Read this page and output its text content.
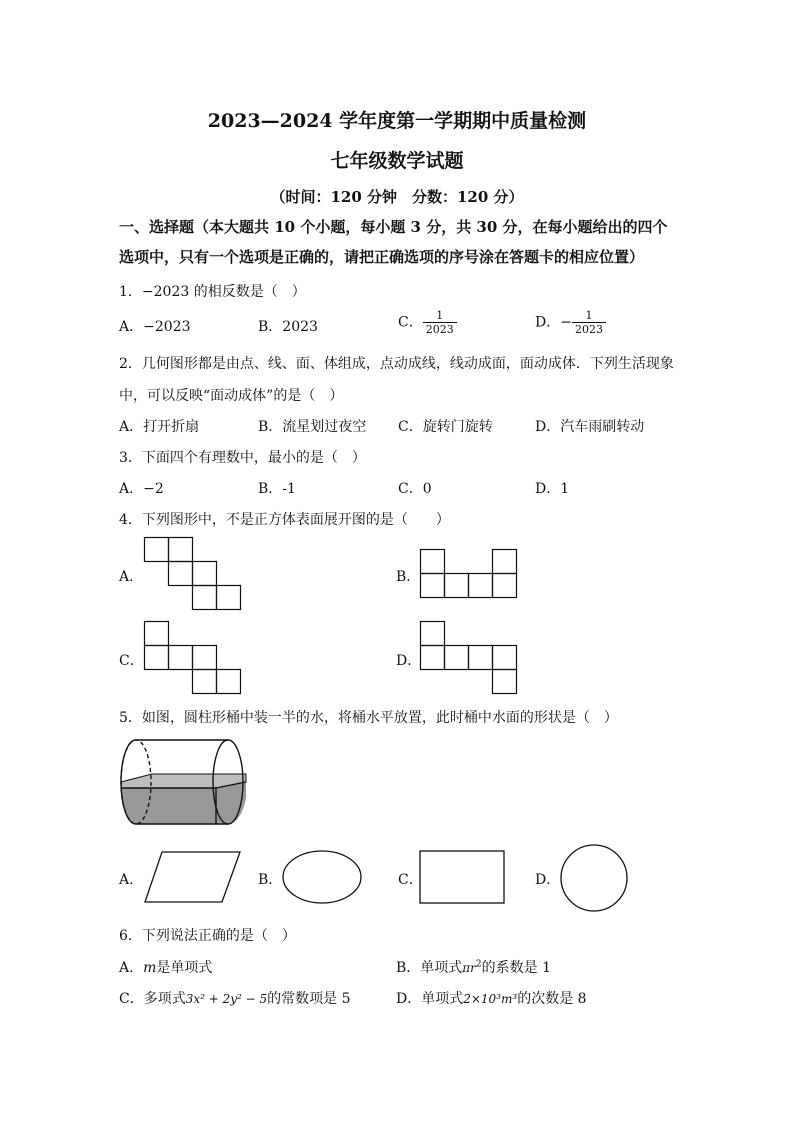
2023—2024 学年度第一学期期中质量检测
七年级数学试题
（时间：120 分钟　分数：120 分）
一、选择题（本大题共 10 个小题，每小题 3 分，共 30 分，在每小题给出的四个
选项中，只有一个选项是正确的，请把正确选项的序号涂在答题卡的相应位置）
1．−2023 的相反数是（　）
A．−2023	B．2023	C． $\frac{1}{2023}$	D．− $\frac{1}{2023}$
2．几何图形都是由点、线、面、体组成，点动成线，线动成面，面动成体．下列生活现象
中，可以反映“面动成体”的是（　）
A．打开折扇	B．流星划过夜空 C．旋转门旋转	D．汽车雨刷转动
3．下面四个有理数中，最小的是（　）
A．−2	B．-1	C．0	D．1
4．下列图形中，不是正方体表面展开图的是（　　）
A．	B．
C．	D．
5．如图，圆柱形桶中装一半的水，将桶水平放置，此时桶中水面的形状是（　）
A．	B．	C．	D．
6．下列说法正确的是（　）
A．m是单项式	B．单项式$\pi r^2$的系数是 1
C．多项式3x² + 2y² − 5的常数项是 5	D．单项式2×10³m³的次数是 8
